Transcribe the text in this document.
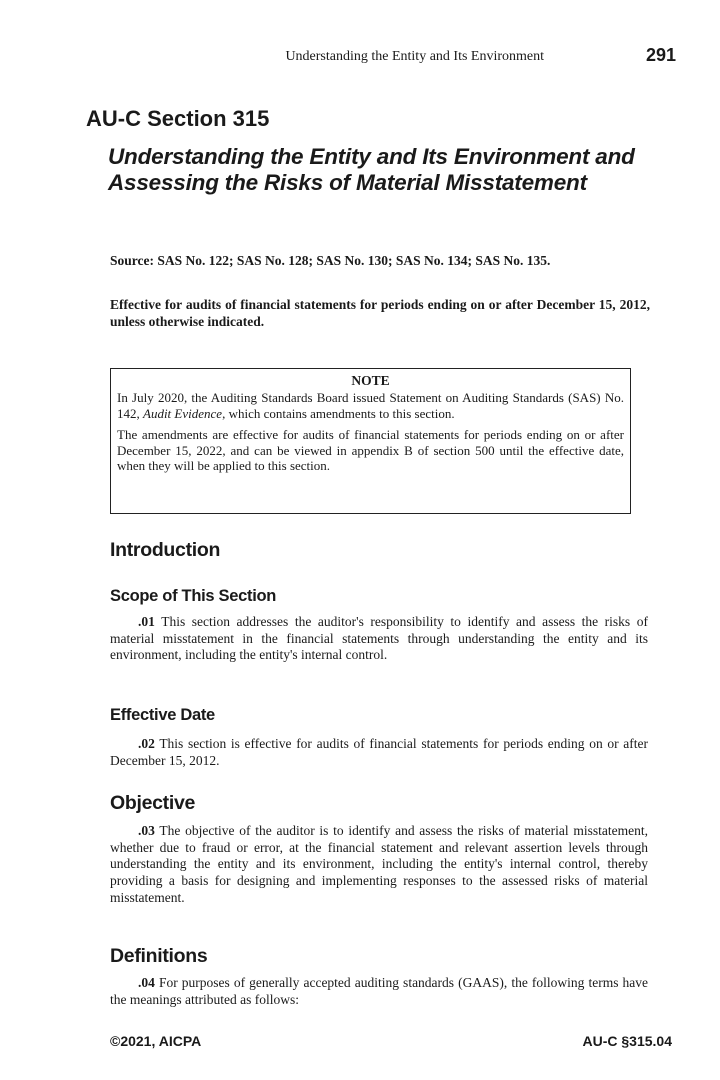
Understanding the Entity and Its Environment	291
AU-C Section 315
Understanding the Entity and Its Environment and Assessing the Risks of Material Misstatement
Source: SAS No. 122; SAS No. 128; SAS No. 130; SAS No. 134; SAS No. 135.
Effective for audits of financial statements for periods ending on or after December 15, 2012, unless otherwise indicated.
NOTE

In July 2020, the Auditing Standards Board issued Statement on Auditing Standards (SAS) No. 142, Audit Evidence, which contains amendments to this section.

The amendments are effective for audits of financial statements for periods ending on or after December 15, 2022, and can be viewed in appendix B of section 500 until the effective date, when they will be applied to this section.

Introduction
Scope of This Section
.01 This section addresses the auditor's responsibility to identify and assess the risks of material misstatement in the financial statements through understanding the entity and its environment, including the entity's internal control.
Effective Date
.02 This section is effective for audits of financial statements for periods ending on or after December 15, 2012.
Objective
.03 The objective of the auditor is to identify and assess the risks of material misstatement, whether due to fraud or error, at the financial statement and relevant assertion levels through understanding the entity and its environment, including the entity's internal control, thereby providing a basis for designing and implementing responses to the assessed risks of material misstatement.
Definitions
.04 For purposes of generally accepted auditing standards (GAAS), the following terms have the meanings attributed as follows:
©2021, AICPA	AU-C §315.04
